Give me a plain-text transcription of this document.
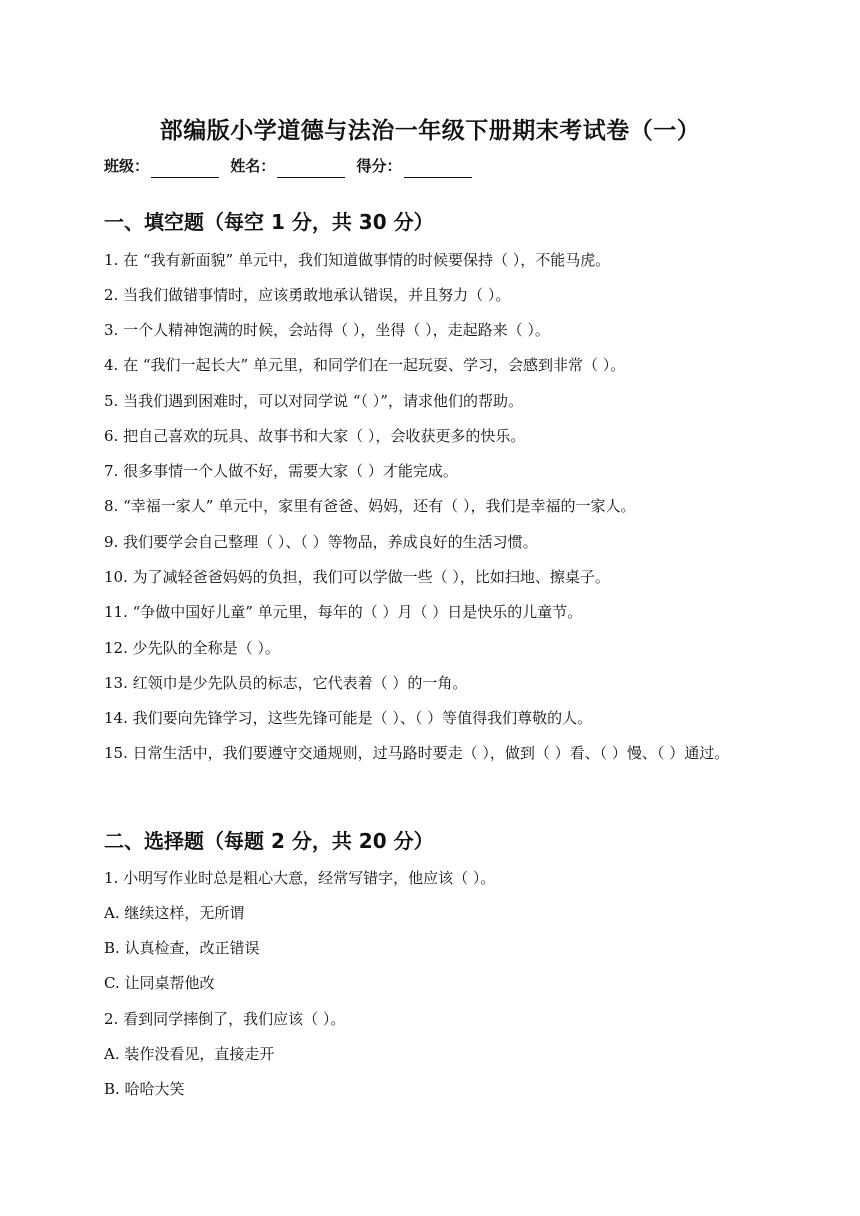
部编版小学道德与法治一年级下册期末考试卷（一）
班级：	姓名：	得分：
一、填空题（每空 1 分，共 30 分）

1. 在 “我有新面貌” 单元中，我们知道做事情的时候要保持（ ），不能马虎。

2. 当我们做错事情时，应该勇敢地承认错误，并且努力（ ）。

3. 一个人精神饱满的时候，会站得（ ），坐得（ ），走起路来（ ）。

4. 在 “我们一起长大” 单元里，和同学们在一起玩耍、学习，会感到非常（ ）。

5. 当我们遇到困难时，可以对同学说 “（ ）”，请求他们的帮助。

6. 把自己喜欢的玩具、故事书和大家（ ），会收获更多的快乐。

7. 很多事情一个人做不好，需要大家（ ）才能完成。

8. “幸福一家人” 单元中，家里有爸爸、妈妈，还有（ ），我们是幸福的一家人。

9. 我们要学会自己整理（ ）、（ ）等物品，养成良好的生活习惯。

10. 为了减轻爸爸妈妈的负担，我们可以学做一些（ ），比如扫地、擦桌子。

11. “争做中国好儿童” 单元里，每年的（ ）月（ ）日是快乐的儿童节。

12. 少先队的全称是（ ）。

13. 红领巾是少先队员的标志，它代表着（ ）的一角。

14. 我们要向先锋学习，这些先锋可能是（ ）、（ ）等值得我们尊敬的人。

15. 日常生活中，我们要遵守交通规则，过马路时要走（ ），做到（ ）看、（ ）慢、（ ）通过。

二、选择题（每题 2 分，共 20 分）

1. 小明写作业时总是粗心大意，经常写错字，他应该（ ）。

A. 继续这样，无所谓

B. 认真检查，改正错误

C. 让同桌帮他改

2. 看到同学摔倒了，我们应该（ ）。

A. 装作没看见，直接走开

B. 哈哈大笑
